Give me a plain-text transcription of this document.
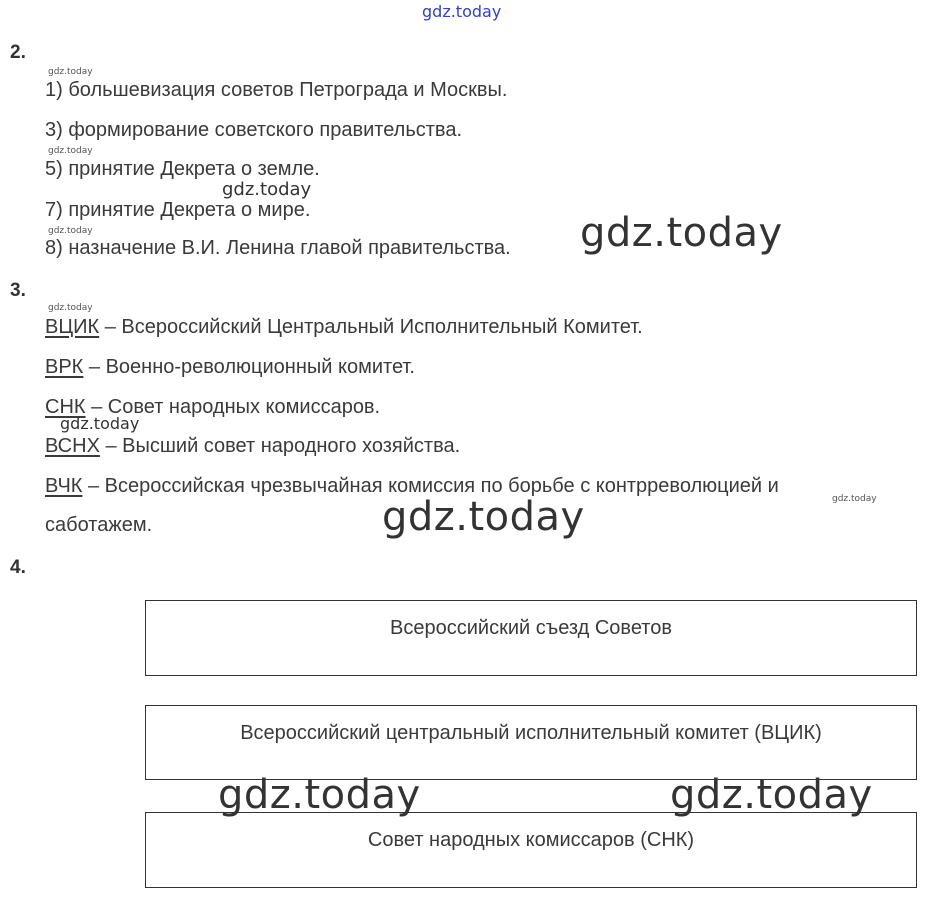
gdz.today
2.
gdz.today
1) большевизация советов Петрограда и Москвы.
3) формирование советского правительства.
gdz.today
5) принятие Декрета о земле.
gdz.today
7) принятие Декрета о мире.
gdz.today
8) назначение В.И. Ленина главой правительства. gdz.today
3.
gdz.today
ВЦИК – Всероссийский Центральный Исполнительный Комитет.
ВРК – Военно-революционный комитет.
СНК – Совет народных комиссаров.
gdz.today
ВСНХ – Высший совет народного хозяйства.
ВЧК – Всероссийская чрезвычайная комиссия по борьбе с контрреволюцией и
gdz.today
саботажем.	gdz.today
4.
Всероссийский съезд Советов
Всероссийский центральный исполнительный комитет (ВЦИК)
Совет народных комиссаров (СНК)
gdz.today	gdz.today
